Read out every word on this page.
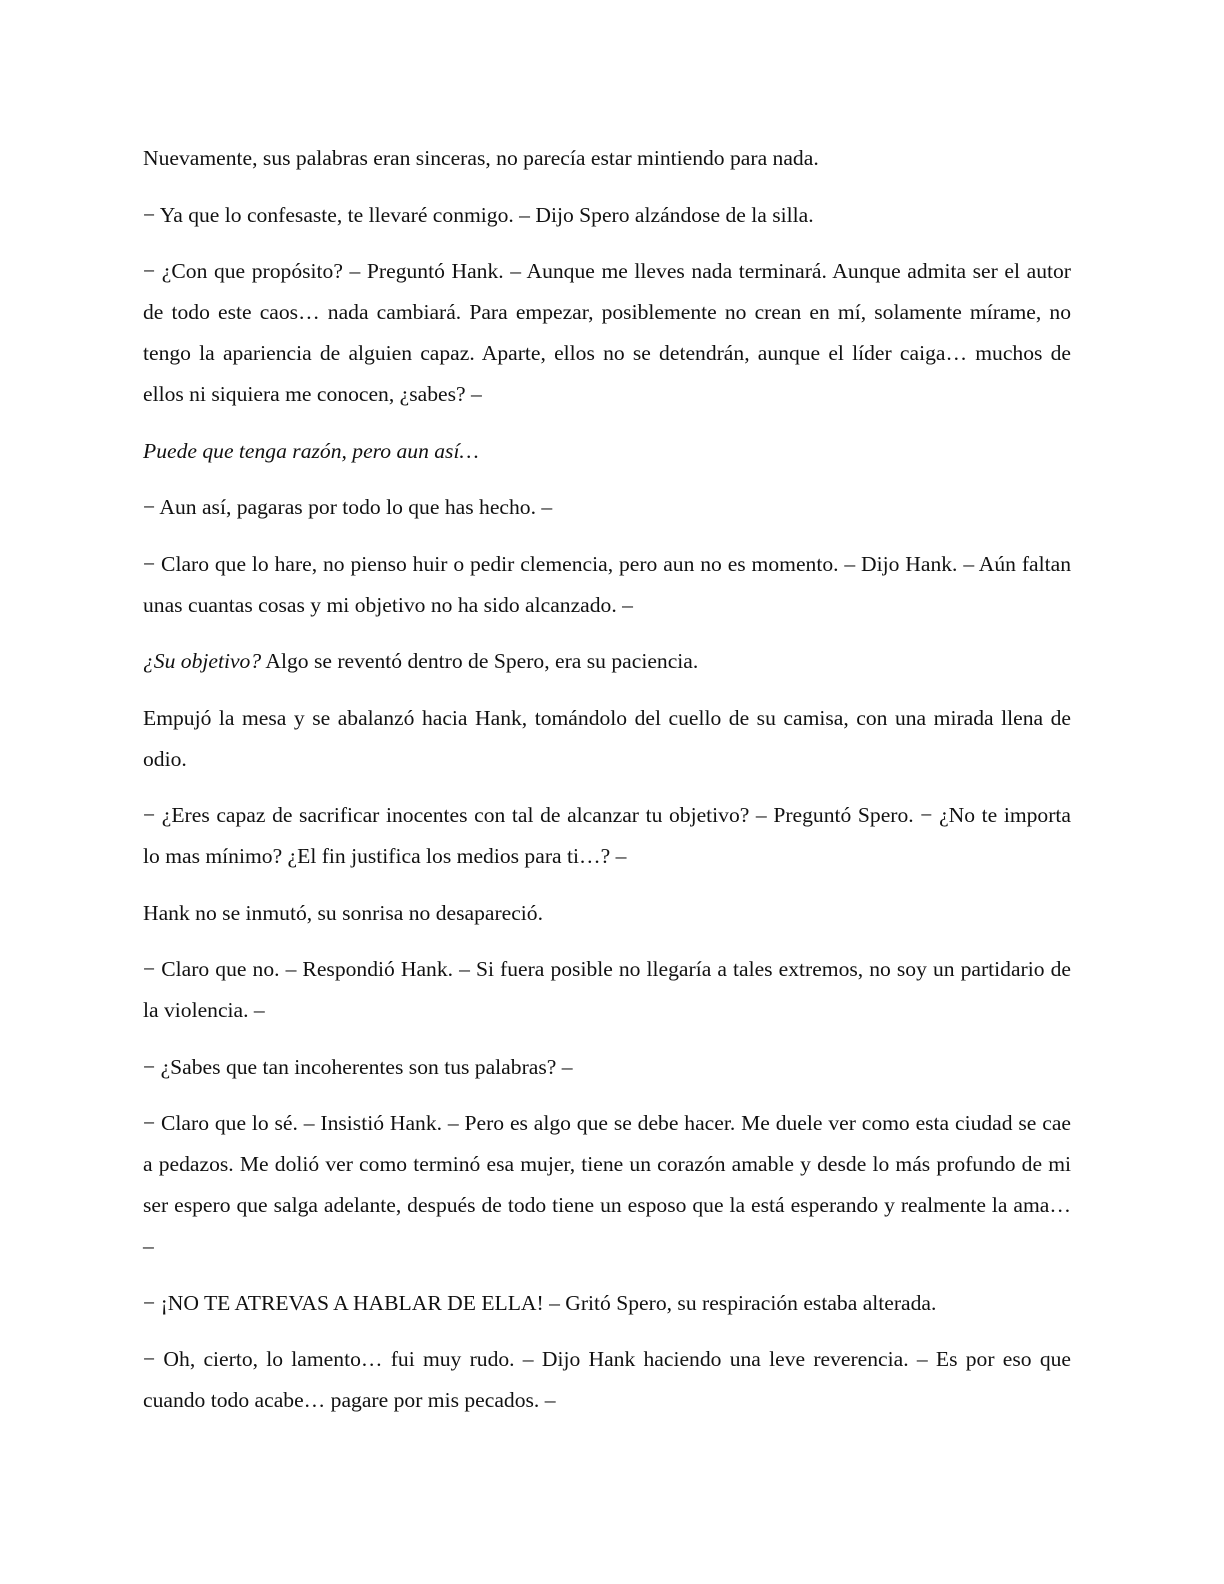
Nuevamente, sus palabras eran sinceras, no parecía estar mintiendo para nada.

− Ya que lo confesaste, te llevaré conmigo. – Dijo Spero alzándose de la silla.

− ¿Con que propósito? – Preguntó Hank. – Aunque me lleves nada terminará. Aunque admita ser el autor de todo este caos… nada cambiará. Para empezar, posiblemente no crean en mí, solamente mírame, no tengo la apariencia de alguien capaz. Aparte, ellos no se detendrán, aunque el líder caiga… muchos de ellos ni siquiera me conocen, ¿sabes? –

Puede que tenga razón, pero aun así…

− Aun así, pagaras por todo lo que has hecho. –

− Claro que lo hare, no pienso huir o pedir clemencia, pero aun no es momento. – Dijo Hank. – Aún faltan unas cuantas cosas y mi objetivo no ha sido alcanzado. –

¿Su objetivo? Algo se reventó dentro de Spero, era su paciencia.

Empujó la mesa y se abalanzó hacia Hank, tomándolo del cuello de su camisa, con una mirada llena de odio.

− ¿Eres capaz de sacrificar inocentes con tal de alcanzar tu objetivo? – Preguntó Spero. − ¿No te importa lo mas mínimo? ¿El fin justifica los medios para ti…? –

Hank no se inmutó, su sonrisa no desapareció.

− Claro que no. – Respondió Hank. – Si fuera posible no llegaría a tales extremos, no soy un partidario de la violencia. –

− ¿Sabes que tan incoherentes son tus palabras? –

− Claro que lo sé. – Insistió Hank. – Pero es algo que se debe hacer. Me duele ver como esta ciudad se cae a pedazos. Me dolió ver como terminó esa mujer, tiene un corazón amable y desde lo más profundo de mi ser espero que salga adelante, después de todo tiene un esposo que la está esperando y realmente la ama… –

− ¡NO TE ATREVAS A HABLAR DE ELLA! – Gritó Spero, su respiración estaba alterada.

− Oh, cierto, lo lamento… fui muy rudo. – Dijo Hank haciendo una leve reverencia. – Es por eso que cuando todo acabe… pagare por mis pecados. –
